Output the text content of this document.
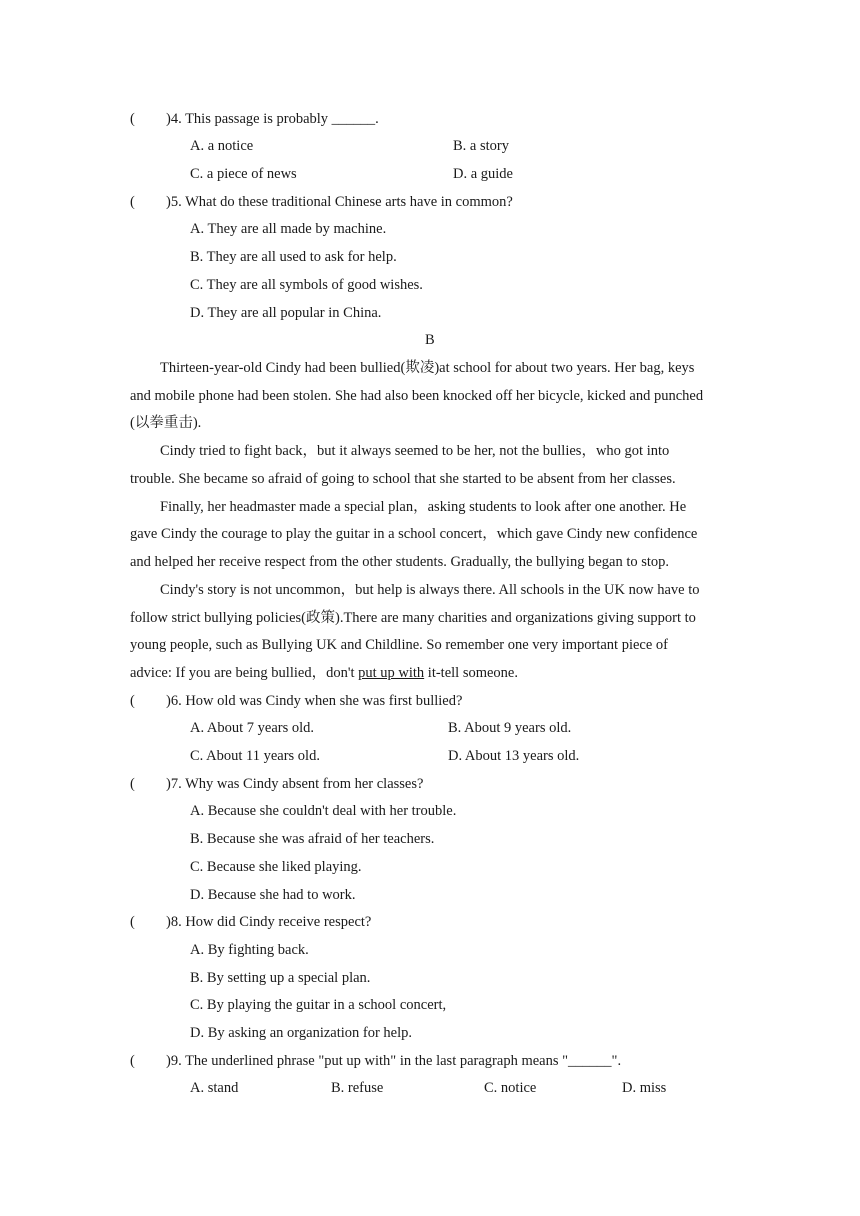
( )4. This passage is probably ______.
A. a notice	B. a story
C. a piece of news	D. a guide
( )5. What do these traditional Chinese arts have in common?
A. They are all made by machine.
B. They are all used to ask for help.
C. They are all symbols of good wishes.
D. They are all popular in China.
B
Thirteen-year-old Cindy had been bullied(欺凌)at school for about two years. Her bag, keys
and mobile phone had been stolen. She had also been knocked off her bicycle, kicked and punched
(以拳重击).
Cindy tried to fight back，but it always seemed to be her, not the bullies，who got into
trouble. She became so afraid of going to school that she started to be absent from her classes.
Finally, her headmaster made a special plan，asking students to look after one another. He
gave Cindy the courage to play the guitar in a school concert，which gave Cindy new confidence
and helped her receive respect from the other students. Gradually, the bullying began to stop.
Cindy's story is not uncommon，but help is always there. All schools in the UK now have to
follow strict bullying policies(政策).There are many charities and organizations giving support to
young people, such as Bullying UK and Childline. So remember one very important piece of
advice: If you are being bullied，don't put up with it-tell someone.
( )6. How old was Cindy when she was first bullied?
A. About 7 years old.	B. About 9 years old.
C. About 11 years old.	D. About 13 years old.
( )7. Why was Cindy absent from her classes?
A. Because she couldn't deal with her trouble.
B. Because she was afraid of her teachers.
C. Because she liked playing.
D. Because she had to work.
( )8. How did Cindy receive respect?
A. By fighting back.
B. By setting up a special plan.
C. By playing the guitar in a school concert,
D. By asking an organization for help.
( )9. The underlined phrase "put up with" in the last paragraph means "______".
A. stand	B. refuse	C. notice	D. miss
